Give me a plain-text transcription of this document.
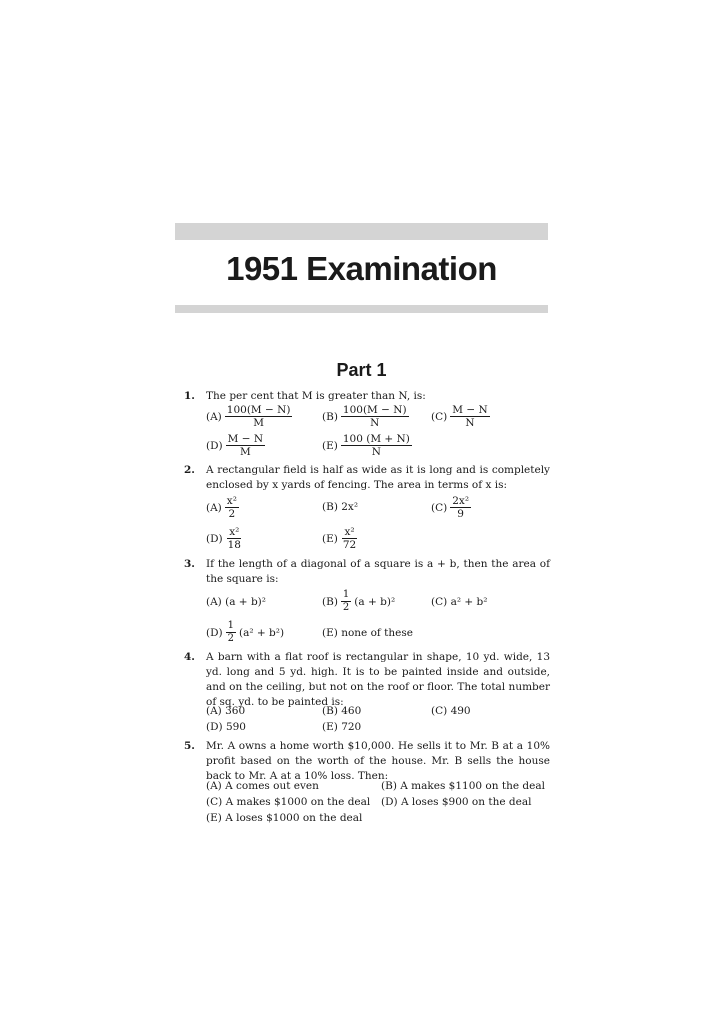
1951 Examination
Part 1
1. The per cent that M is greater than N, is:
$(A) \frac{100(M - N)}{M}$	$(B) \frac{100(M - N)}{N} (C) \frac{M - N}{N}$
$(D) \frac{M - N}{M}$	$(E) \frac{100 (M + N)}{N}$
2. A rectangular field is half as wide as it is long and is completely enclosed by x yards of fencing. The area in terms of x is:
$(A) \frac{\text{x²}}{2}$	(B) 2x²	$(C) \frac{\text{2x²}}{9}$
$(D) \frac{\text{x²}}{18}$	$(E) \frac{\text{x²}}{72}$
3. If the length of a diagonal of a square is a + b, then the area of the square is:
(A) (a + b)²	$(B) \frac{1}{2} (a + b)^2$	(C) a² + b²
$(D) \frac{1}{2} (a^2 + b^2)$	(E) none of these
4. A barn with a flat roof is rectangular in shape, 10 yd. wide, 13 yd. long and 5 yd. high. It is to be painted inside and outside, and on the ceiling, but not on the roof or floor. The total number of sq. yd. to be painted is:
(A) 360	(B) 460	(C) 490
(D) 590	(E) 720
5. Mr. A owns a home worth $10,000. He sells it to Mr. B at a 10% profit based on the worth of the house. Mr. B sells the house back to Mr. A at a 10% loss. Then:
(A) A comes out even	(B) A makes $1100 on the deal
(C) A makes $1000 on the deal (D) A loses $900 on the deal
(E) A loses $1000 on the deal
